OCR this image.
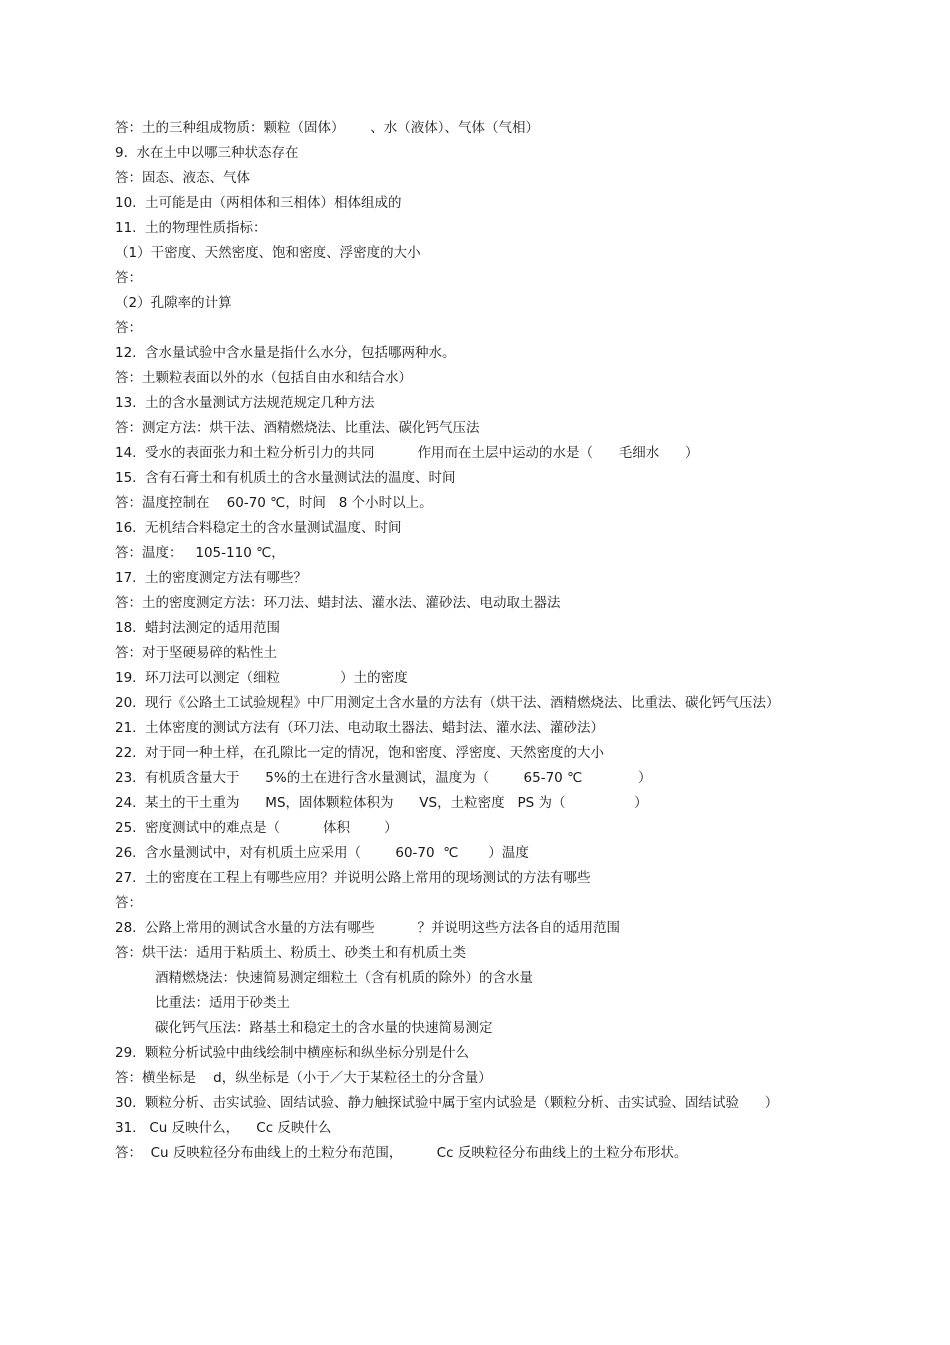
答：土的三种组成物质：颗粒（固体）      、水（液体）、气体（气相）
9.  水在土中以哪三种状态存在
答：固态、液态、气体
10.  土可能是由（两相体和三相体）相体组成的
11.  土的物理性质指标：
（1）干密度、天然密度、饱和密度、浮密度的大小
答：
（2）孔隙率的计算
答：
12.  含水量试验中含水量是指什么水分，包括哪两种水。
答：土颗粒表面以外的水（包括自由水和结合水）
13.  土的含水量测试方法规范规定几种方法
答：测定方法：烘干法、酒精燃烧法、比重法、碳化钙气压法
14.  受水的表面张力和土粒分析引力的共同          作用而在土层中运动的水是（      毛细水      ）
15.  含有石膏土和有机质土的含水量测试法的温度、时间
答：温度控制在    60-70 ℃，时间   8 个小时以上。
16.  无机结合料稳定土的含水量测试温度、时间
答：温度：   105-110 ℃，
17.  土的密度测定方法有哪些？
答：土的密度测定方法：环刀法、蜡封法、灌水法、灌砂法、电动取土器法
18.  蜡封法测定的适用范围
答：对于坚硬易碎的粘性土
19.  环刀法可以测定（细粒              ）土的密度
20.  现行《公路土工试验规程》中厂用测定土含水量的方法有（烘干法、酒精燃烧法、比重法、碳化钙气压法）
21.  土体密度的测试方法有（环刀法、电动取土器法、蜡封法、灌水法、灌砂法）
22.  对于同一种土样，在孔隙比一定的情况，饱和密度、浮密度、天然密度的大小
23.  有机质含量大于      5%的土在进行含水量测试，温度为（        65-70 ℃             ）
24.  某土的干土重为      MS，固体颗粒体积为      VS，土粒密度   PS 为（                ）
25.  密度测试中的难点是（          体积        ）
26.  含水量测试中，对有机质土应采用（        60-70  ℃       ）温度
27.  土的密度在工程上有哪些应用？并说明公路上常用的现场测试的方法有哪些
答：
28.  公路上常用的测试含水量的方法有哪些          ？并说明这些方法各自的适用范围
答：烘干法：适用于粘质土、粉质土、砂类土和有机质土类
酒精燃烧法：快速简易测定细粒土（含有机质的除外）的含水量
比重法：适用于砂类土
碳化钙气压法：路基土和稳定土的含水量的快速简易测定
29.  颗粒分析试验中曲线绘制中横座标和纵坐标分别是什么
答：横坐标是    d，纵坐标是（小于／大于某粒径土的分含量）
30.  颗粒分析、击实试验、固结试验、静力触探试验中属于室内试验是（颗粒分析、击实试验、固结试验      ）
31.   Cu 反映什么，    Cc 反映什么
答：  Cu 反映粒径分布曲线上的土粒分布范围，        Cc 反映粒径分布曲线上的土粒分布形状。
